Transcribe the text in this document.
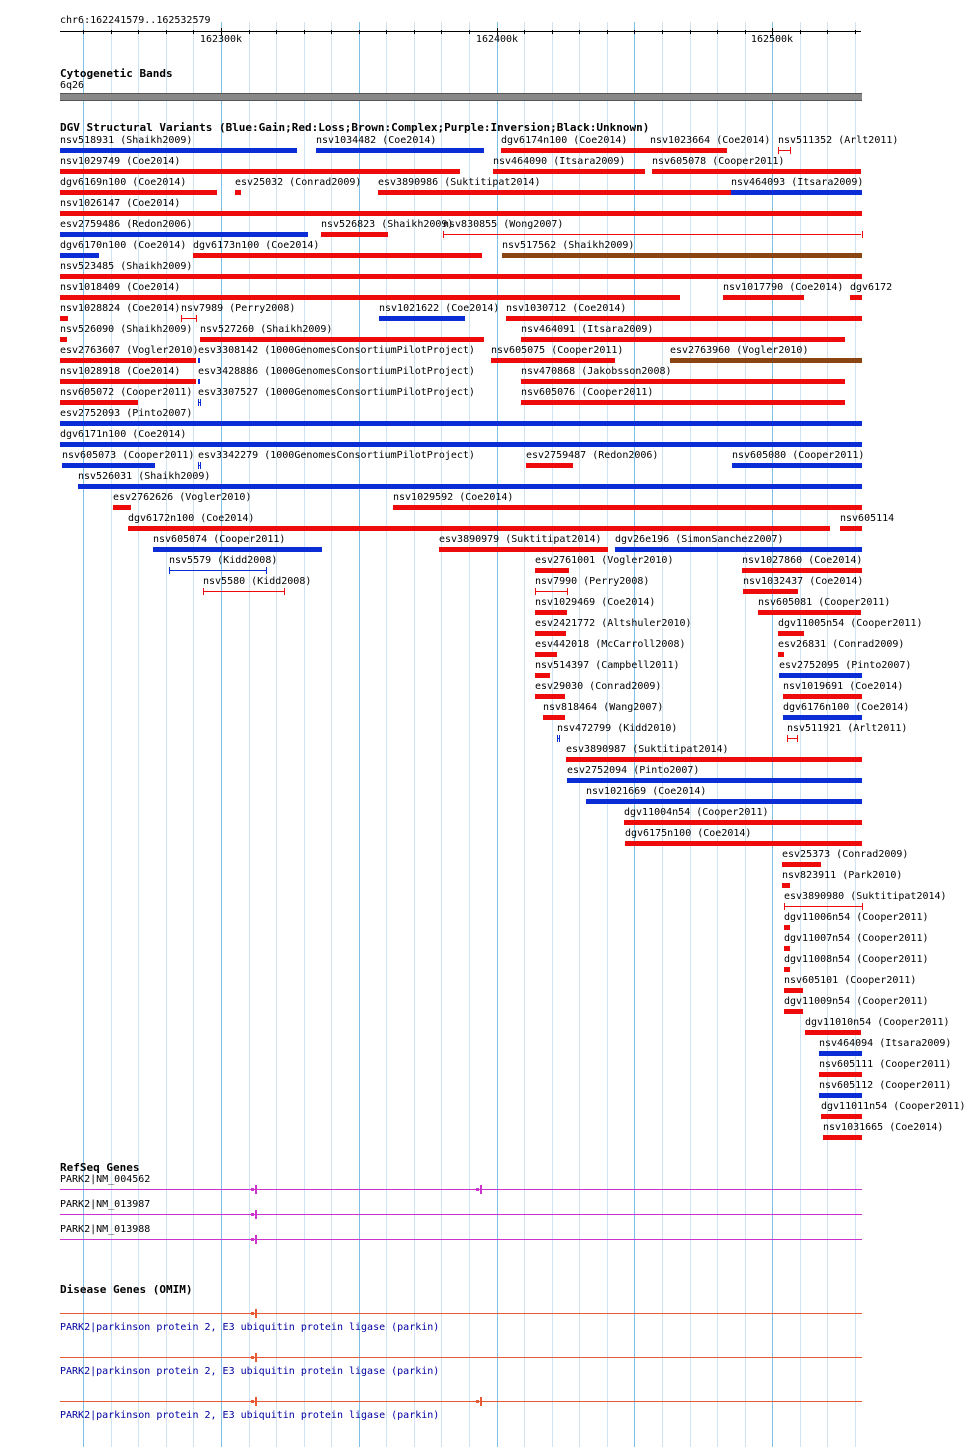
chr6:162241579..162532579
162300k	162400k	162500k
Cytogenetic Bands
6q26
DGV Structural Variants (Blue:Gain;Red:Loss;Brown:Complex;Purple:Inversion;Black:Unknown)
nsv518931 (Shaikh2009)	nsv1034482 (Coe2014)	dgv6174n100 (Coe2014) nsv1023664 (Coe2014) nsv511352 (Arlt2011)
nsv1029749 (Coe2014)	nsv464090 (Itsara2009)	nsv605078 (Cooper2011)
dgv6169n100 (Coe2014)	esv25032 (Conrad2009) esv3890986 (Suktitipat2014)	nsv464093 (Itsara2009)
nsv1026147 (Coe2014)
esv2759486 (Redon2006)	nsv526823 (Shaikh2009)
nsv830855 (Wong2007)
dgv6170n100 (Coe2014) dgv6173n100 (Coe2014)	nsv517562 (Shaikh2009)
nsv523485 (Shaikh2009)
nsv1018409 (Coe2014)	nsv1017790 (Coe2014) dgv6172
nsv1028824 (Coe2014) nsv7989 (Perry2008)	nsv1021622 (Coe2014) nsv1030712 (Coe2014)
nsv526090 (Shaikh2009) nsv527260 (Shaikh2009)	nsv464091 (Itsara2009)
esv2763607 (Vogler2010) esv3308142 (1000GenomesConsortiumPilotProject) nsv605075 (Cooper2011)	esv2763960 (Vogler2010)
nsv1028918 (Coe2014) esv3428886 (1000GenomesConsortiumPilotProject)	nsv470868 (Jakobsson2008)
nsv605072 (Cooper2011) esv3307527 (1000GenomesConsortiumPilotProject)	nsv605076 (Cooper2011)
esv2752093 (Pinto2007)
dgv6171n100 (Coe2014)
nsv605073 (Cooper2011) esv3342279 (1000GenomesConsortiumPilotProject)	esv2759487 (Redon2006)	nsv605080 (Cooper2011)
nsv526031 (Shaikh2009)
esv2762626 (Vogler2010)	nsv1029592 (Coe2014)
dgv6172n100 (Coe2014)	nsv605114
nsv605074 (Cooper2011)	esv3890979 (Suktitipat2014) dgv26e196 (SimonSanchez2007)
nsv5579 (Kidd2008)	esv2761001 (Vogler2010)	nsv1027860 (Coe2014)
nsv5580 (Kidd2008)	nsv7990 (Perry2008)	nsv1032437 (Coe2014)
nsv1029469 (Coe2014)	nsv605081 (Cooper2011)
esv2421772 (Altshuler2010)	dgv11005n54 (Cooper2011)
esv442018 (McCarroll2008)	esv26831 (Conrad2009)
nsv514397 (Campbell2011)	esv2752095 (Pinto2007)
esv29030 (Conrad2009)	nsv1019691 (Coe2014)
nsv818464 (Wang2007)	dgv6176n100 (Coe2014)
nsv472799 (Kidd2010)	nsv511921 (Arlt2011)
esv3890987 (Suktitipat2014)
esv2752094 (Pinto2007)
nsv1021669 (Coe2014)
dgv11004n54 (Cooper2011)
dgv6175n100 (Coe2014)
esv25373 (Conrad2009)
nsv823911 (Park2010)
esv3890980 (Suktitipat2014)
dgv11006n54 (Cooper2011)
dgv11007n54 (Cooper2011)
dgv11008n54 (Cooper2011)
nsv605101 (Cooper2011)
dgv11009n54 (Cooper2011)
dgv11010n54 (Cooper2011)
nsv464094 (Itsara2009)
nsv605111 (Cooper2011)
nsv605112 (Cooper2011)
dgv11011n54 (Cooper2011)
nsv1031665 (Coe2014)
RefSeq Genes
PARK2|NM_004562
PARK2|NM_013987
PARK2|NM_013988
Disease Genes (OMIM)
PARK2|parkinson protein 2, E3 ubiquitin protein ligase (parkin)
PARK2|parkinson protein 2, E3 ubiquitin protein ligase (parkin)
PARK2|parkinson protein 2, E3 ubiquitin protein ligase (parkin)
